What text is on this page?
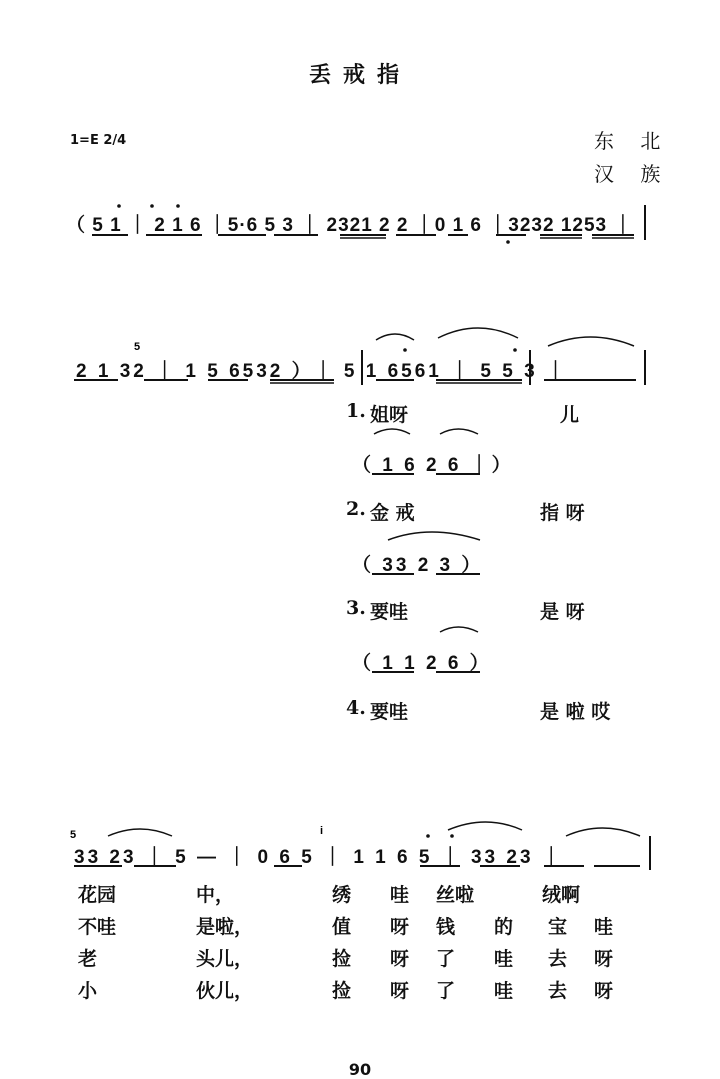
丢戒指
1=E 2/4	东 北
汉 族
（ 5 1 ｜ 2 1 6 ｜5·6 5 3 ｜ 2321 2 2 ｜0 1 6 ｜3232 1253 ｜
2 1 32 ｜ 1 5 6532 ）｜ 5 1 6561 ｜ 5 5 3 ｜
33 23 ｜ 5 — ｜ 0 6 5 ｜ 1 1 6 5 ｜ 33 23 ｜
1. 姐呀	儿
（ 1 6 2 6 ｜）
2. 金 戒	指 呀
（ 33 2 3 ）
3. 要哇	是 呀
（ 1 1 2 6 ）
4. 要哇	是 啦 哎
花园	中，	绣 哇 丝啦	绒啊
不哇	是啦，	值 呀 钱 的 宝 哇
老	头儿，	捡 呀 了 哇 去 呀
小	伙儿，	捡 呀 了 哇 去 呀
90
5
5	i
